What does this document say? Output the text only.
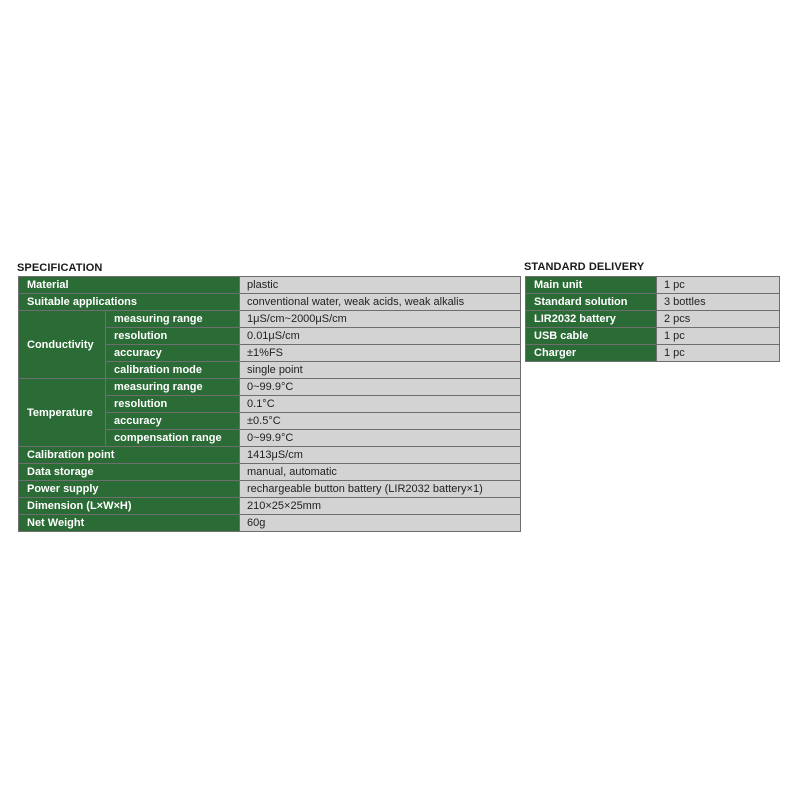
SPECIFICATION
Material		plastic
Suitable applications		conventional water, weak acids, weak alkalis
Conductivity	measuring range	1μS/cm~2000μS/cm
	resolution	0.01μS/cm
	accuracy	±1%FS
	calibration mode	single point
Temperature	measuring range	0~99.9°C
	resolution	0.1°C
	accuracy	±0.5°C
	compensation range	0~99.9°C
Calibration point		1413μS/cm
Data storage		manual, automatic
Power supply		rechargeable button battery (LIR2032 battery×1)
Dimension (L×W×H)		210×25×25mm
Net Weight		60g
STANDARD DELIVERY
Main unit	1 pc
Standard solution	3 bottles
LIR2032 battery	2 pcs
USB cable	1 pc
Charger	1 pc
